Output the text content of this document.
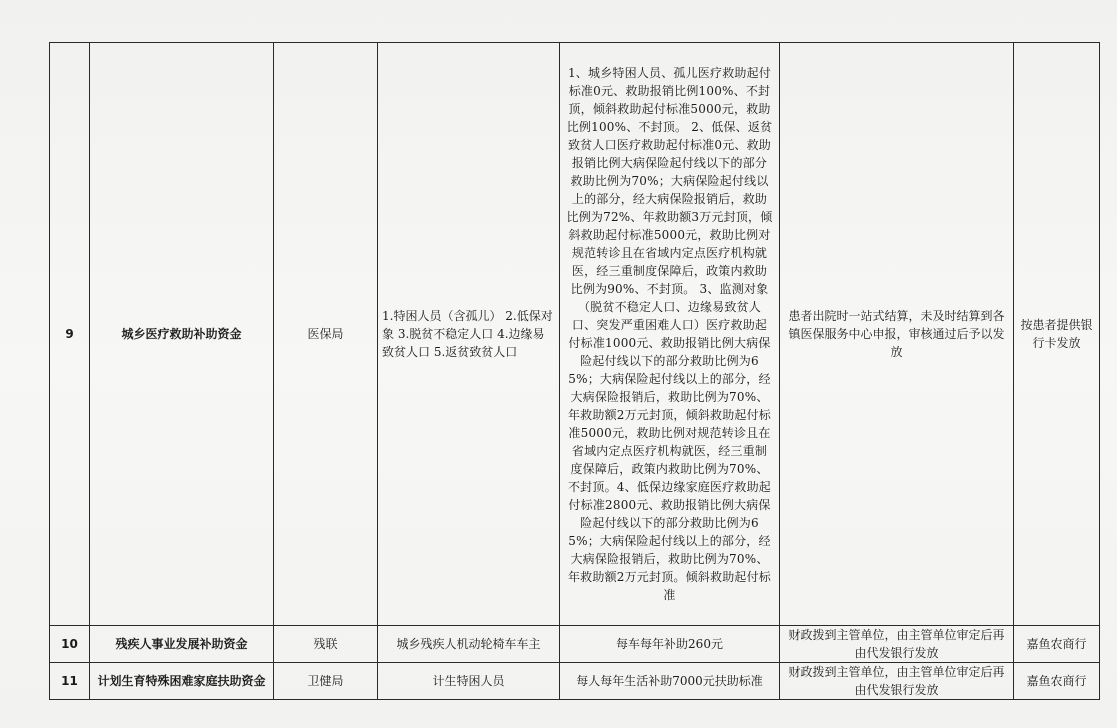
9	城乡医疗救助补助资金	医保局	1.特困人员（含孤儿） 2.低保对象 3.脱贫不稳定人口 4.边缘易致贫人口 5.返贫致贫人口	1、城乡特困人员、孤儿医疗救助起付标准0元、救助报销比例100%、不封顶，倾斜救助起付标准5000元，救助比例100%、不封顶。 2、低保、返贫致贫人口医疗救助起付标准0元、救助报销比例大病保险起付线以下的部分救助比例为70%；大病保险起付线以上的部分，经大病保险报销后，救助比例为72%、年救助额3万元封顶，倾斜救助起付标准5000元，救助比例对规范转诊且在省域内定点医疗机构就医，经三重制度保障后，政策内救助比例为90%、不封顶。 3、监测对象（脱贫不稳定人口、边缘易致贫人口、突发严重困难人口）医疗救助起付标准1000元、救助报销比例大病保险起付线以下的部分救助比例为65%；大病保险起付线以上的部分，经大病保险报销后，救助比例为70%、年救助额2万元封顶，倾斜救助起付标准5000元，救助比例对规范转诊且在省域内定点医疗机构就医，经三重制度保障后，政策内救助比例为70%、不封顶。4、低保边缘家庭医疗救助起付标准2800元、救助报销比例大病保险起付线以下的部分救助比例为65%；大病保险起付线以上的部分，经大病保险报销后，救助比例为70%、年救助额2万元封顶。倾斜救助起付标准	患者出院时一站式结算，未及时结算到各镇医保服务中心申报，审核通过后予以发放	按患者提供银行卡发放
10	残疾人事业发展补助资金	残联	城乡残疾人机动轮椅车车主	每车每年补助260元	财政拨到主管单位，由主管单位审定后再由代发银行发放	嘉鱼农商行
11	计划生育特殊困难家庭扶助资金	卫健局	计生特困人员	每人每年生活补助7000元扶助标准	财政拨到主管单位，由主管单位审定后再由代发银行发放	嘉鱼农商行
